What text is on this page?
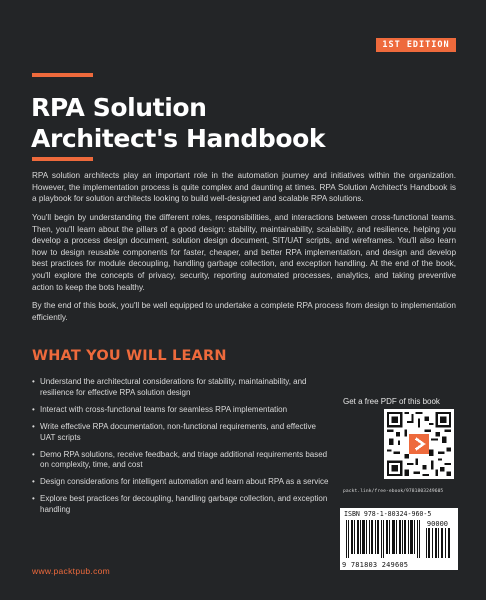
1ST EDITION
RPA Solution
Architect's Handbook

RPA solution architects play an important role in the automation journey and initiatives within the organization. However, the implementation process is quite complex and daunting at times. RPA Solution Architect's Handbook is a playbook for solution architects looking to build well-designed and scalable RPA solutions.

You'll begin by understanding the different roles, responsibilities, and interactions between cross-functional teams. Then, you'll learn about the pillars of a good design: stability, maintainability, scalability, and resilience, helping you develop a process design document, solution design document, SIT/UAT scripts, and wireframes. You'll also learn how to design reusable components for faster, cheaper, and better RPA implementation, and design and develop best practices for module decoupling, handling garbage collection, and exception handling. At the end of the book, you'll explore the concepts of privacy, security, reporting automated processes, analytics, and taking preventive action to keep the bots healthy.

By the end of this book, you'll be well equipped to undertake a complete RPA process from design to implementation efficiently.

WHAT YOU WILL LEARN
• Understand the architectural considerations for stability, maintainability, and resilience for effective RPA solution design
• Interact with cross-functional teams for seamless RPA implementation
• Write effective RPA documentation, non-functional requirements, and effective UAT scripts
• Demo RPA solutions, receive feedback, and triage additional requirements based on complexity, time, and cost
• Design considerations for intelligent automation and learn about RPA as a service
• Explore best practices for decoupling, handling garbage collection, and exception handling
Get a free PDF of this book
packt.link/free-ebook/9781803249605
ISBN 978-1-80324-960-5
90000
9 781803 249605
www.packtpub.com
